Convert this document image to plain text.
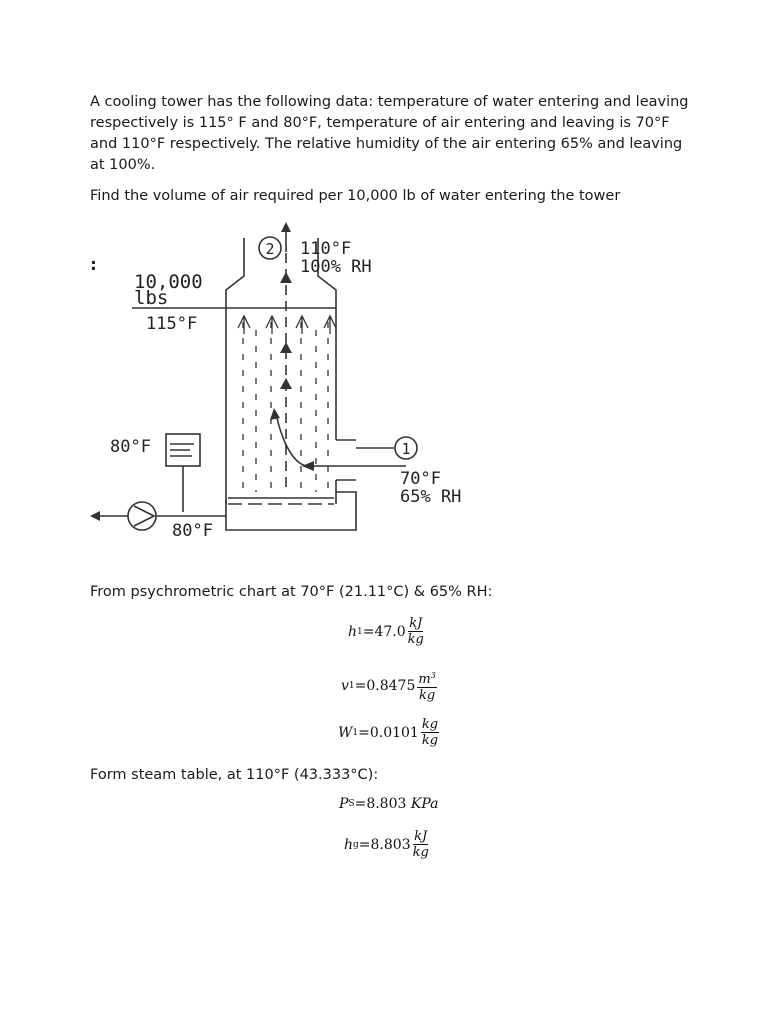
A cooling tower has the following data: temperature of water entering and leaving respectively is 115° F and 80°F, temperature of air entering and leaving is 70°F and 110°F respectively. The relative humidity of the air entering 65% and leaving at 100%.

Find the volume of air required per 10,000 lb of water entering the tower

2 110°F
100% RH
10,000
lbs
115°F
80°F	1
70°F
65% RH
80°F
:

From psychrometric chart at 70°F (21.11°C) & 65% RH:

h $1 =47.0 \frac{kJ}{kg}$
v $1 =0.8475 \frac{m^3}{kg}$
W $1 =0.0101 \frac{kg}{kg}$

Form steam table, at 110°F (43.333°C):

P S =8.803
KPa
h $g =8.803 \frac{kJ}{kg}$
